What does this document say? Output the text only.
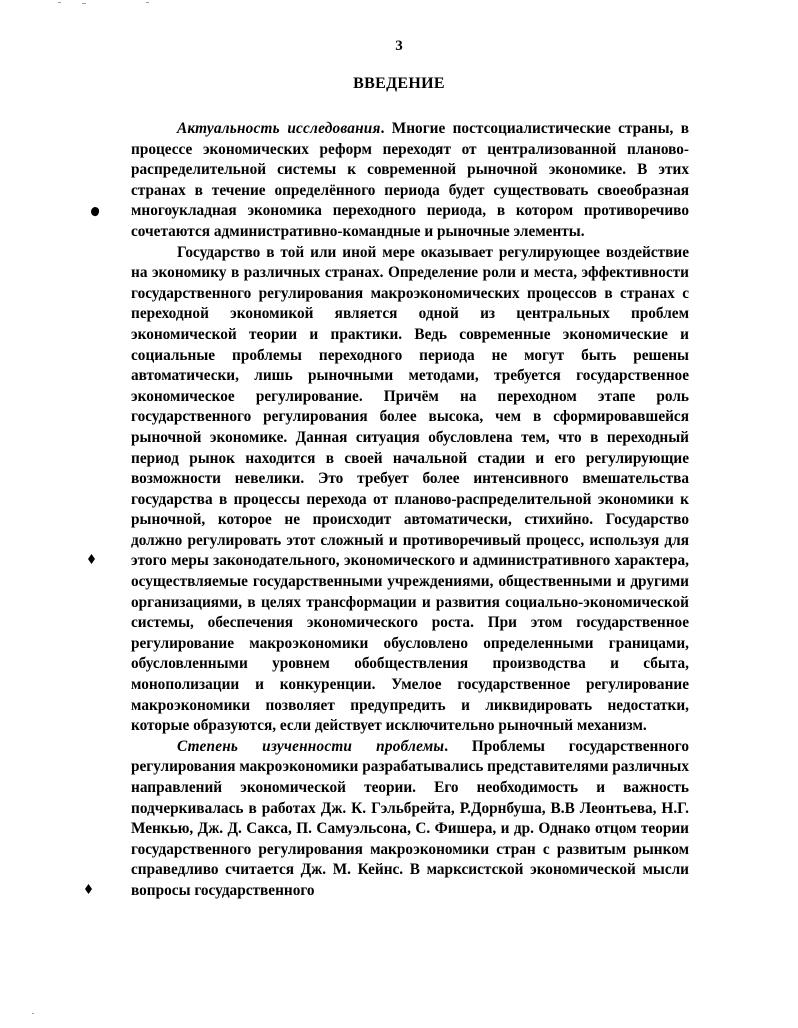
3
ВВЕДЕНИЕ

Актуальность исследования. Многие постсоциалистические страны, в процессе экономических реформ переходят от централизованной планово-распределительной системы к современной рыночной экономике. В этих странах в течение определённого периода будет существовать своеобразная многоукладная экономика переходного периода, в котором противоречиво сочетаются административно-командные и рыночные элементы.

Государство в той или иной мере оказывает регулирующее воздействие на экономику в различных странах. Определение роли и места, эффективности государственного регулирования макроэкономических процессов в странах с переходной экономикой является одной из центральных проблем экономической теории и практики. Ведь современные экономические и социальные проблемы переходного периода не могут быть решены автоматически, лишь рыночными методами, требуется государственное экономическое регулирование. Причём на переходном этапе роль государственного регулирования более высока, чем в сформировавшейся рыночной экономике. Данная ситуация обусловлена тем, что в переходный период рынок находится в своей начальной стадии и его регулирующие возможности невелики. Это требует более интенсивного вмешательства государства в процессы перехода от планово-распределительной экономики к рыночной, которое не происходит автоматически, стихийно. Государство должно регулировать этот сложный и противоречивый процесс, используя для этого меры законодательного, экономического и административного характера, осуществляемые государственными учреждениями, общественными и другими организациями, в целях трансформации и развития социально-экономической системы, обеспечения экономического роста. При этом государственное регулирование макроэкономики обусловлено определенными границами, обусловленными уровнем обобществления производства и сбыта, монополизации и конкуренции. Умелое государственное регулирование макроэкономики позволяет предупредить и ликвидировать недостатки, которые образуются, если действует исключительно рыночный механизм.

Степень изученности проблемы. Проблемы государственного регулирования макроэкономики разрабатывались представителями различных направлений экономической теории. Его необходимость и важность подчеркивалась в работах Дж. К. Гэльбрейта, Р.Дорнбуша, В.В Леонтьева, Н.Г. Менкью, Дж. Д. Сакса, П. Самуэльсона, С. Фишера, и др. Однако отцом теории государственного регулирования макроэкономики стран с развитым рынком справедливо считается Дж. М. Кейнс. В марксистской экономической мысли вопросы государственного
